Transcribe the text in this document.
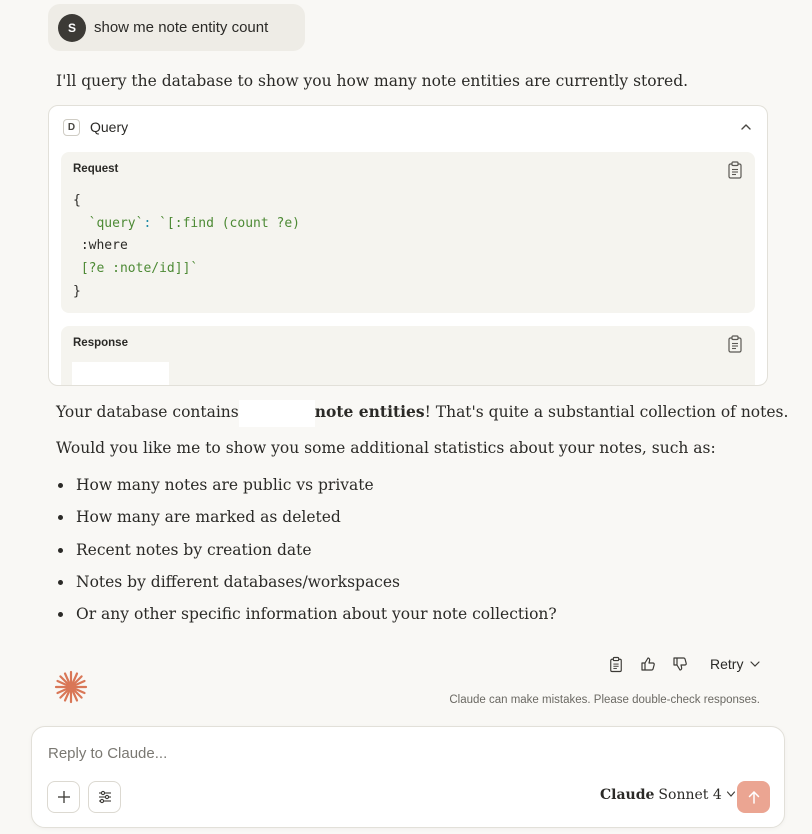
S	show me note entity count

I'll query the database to show you how many note entities are currently stored.

D	Query
Request
{
`query`: `[:find (count ?e)
:where
[?e :note/id]]`
}
Response

Your database contains	note entities! That's quite a substantial collection of notes.

Would you like me to show you some additional statistics about your notes, such as:

How many notes are public vs private
How many are marked as deleted
Recent notes by creation date
Notes by different databases/workspaces
Or any other specific information about your note collection?
Retry
Claude can make mistakes. Please double-check responses.
Reply to Claude...
Claude Sonnet 4
